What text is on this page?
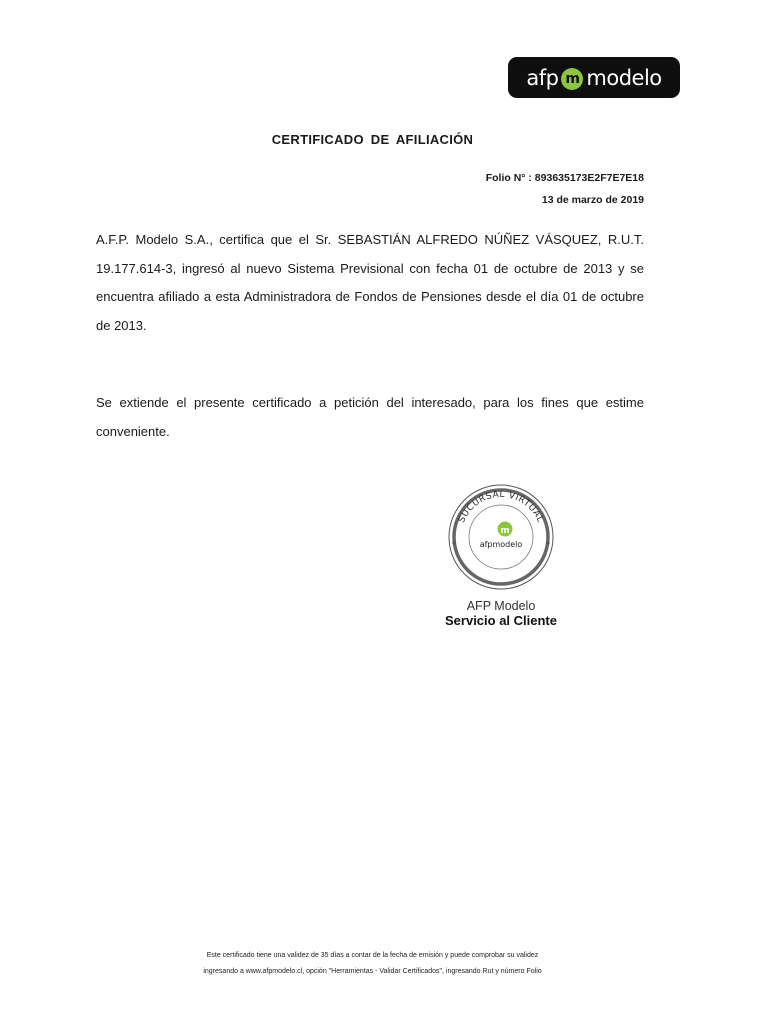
afp m modelo
CERTIFICADO DE AFILIACIÓN
Folio N° : 893635173E2F7E7E18
13 de marzo de 2019
A.F.P. Modelo S.A., certifica que el Sr. SEBASTIÁN ALFREDO NÚÑEZ VÁSQUEZ, R.U.T. 19.177.614-3, ingresó al nuevo Sistema Previsional con fecha 01 de octubre de 2013 y se encuentra afiliado a esta Administradora de Fondos de Pensiones desde el día 01 de octubre de 2013.
Se extiende el presente certificado a petición del interesado, para los fines que estime conveniente.
SUCURSAL VIRTUAL
m
afpmodelo
AFP Modelo
Servicio al Cliente
Este certificado tiene una validez de 35 días a contar de la fecha de emisión y puede comprobar su validez
ingresando a www.afpmodelo.cl, opción "Herramientas - Validar Certificados", ingresando Rut y número Folio
